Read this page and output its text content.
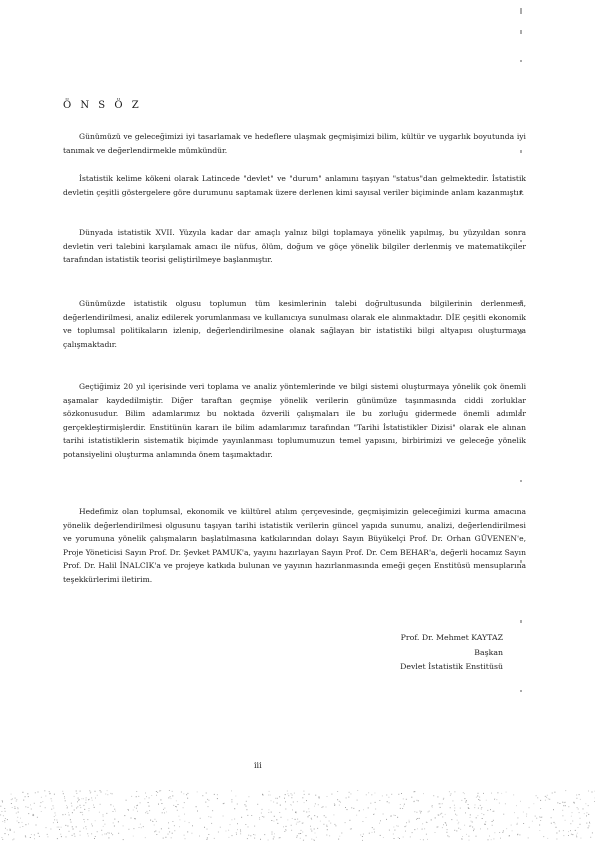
Ö N S Ö Z

Günümüzü ve geleceğimizi iyi tasarlamak ve hedeflere ulaşmak geçmişimizi bilim, kültür ve uygarlık boyutunda iyi tanımak ve değerlendirmekle mümkündür.

İstatistik kelime kökeni olarak Latincede "devlet" ve "durum" anlamını taşıyan "status"dan gelmektedir. İstatistik devletin çeşitli göstergelere göre durumunu saptamak üzere derlenen kimi sayısal veriler biçiminde anlam kazanmıştır.

Dünyada istatistik XVII. Yüzyıla kadar dar amaçlı yalnız bilgi toplamaya yönelik yapılmış, bu yüzyıldan sonra devletin veri talebini karşılamak amacı ile nüfus, ölüm, doğum ve göçe yönelik bilgiler derlenmiş ve matematikçiler tarafından istatistik teorisi geliştirilmeye başlanmıştır.

Günümüzde istatistik olgusu toplumun tüm kesimlerinin talebi doğrultusunda bilgilerinin derlenmesi, değerlendirilmesi, analiz edilerek yorumlanması ve kullanıcıya sunulması olarak ele alınmaktadır. DİE çeşitli ekonomik ve toplumsal politikaların izlenip, değerlendirilmesine olanak sağlayan bir istatistiki bilgi altyapısı oluşturmaya çalışmaktadır.

Geçtiğimiz 20 yıl içerisinde veri toplama ve analiz yöntemlerinde ve bilgi sistemi oluşturmaya yönelik çok önemli aşamalar kaydedilmiştir. Diğer taraftan geçmişe yönelik verilerin günümüze taşınmasında ciddi zorluklar sözkonusudur. Bilim adamlarımız bu noktada özverili çalışmaları ile bu zorluğu gidermede önemli adımlar gerçekleştirmişlerdir. Enstitünün kararı ile bilim adamlarımız tarafından "Tarihi İstatistikler Dizisi" olarak ele alınan tarihi istatistiklerin sistematik biçimde yayınlanması toplumumuzun temel yapısını, birbirimizi ve geleceğe yönelik potansiyelini oluşturma anlamında önem taşımaktadır.

Hedefimiz olan toplumsal, ekonomik ve kültürel atılım çerçevesinde, geçmişimizin geleceğimizi kurma amacına yönelik değerlendirilmesi olgusunu taşıyan tarihi istatistik verilerin güncel yapıda sunumu, analizi, değerlendirilmesi ve yorumuna yönelik çalışmaların başlatılmasına katkılarından dolayı Sayın Büyükelçi Prof. Dr. Orhan GÜVENEN'e, Proje Yöneticisi Sayın Prof. Dr. Şevket PAMUK'a, yayını hazırlayan Sayın Prof. Dr. Cem BEHAR'a, değerli hocamız Sayın Prof. Dr. Halil İNALCIK'a ve projeye katkıda bulunan ve yayının hazırlanmasında emeği geçen Enstitüsü mensuplarına teşekkürlerimi iletirim.

Prof. Dr. Mehmet KAYTAZ
Başkan
Devlet İstatistik Enstitüsü
iii
